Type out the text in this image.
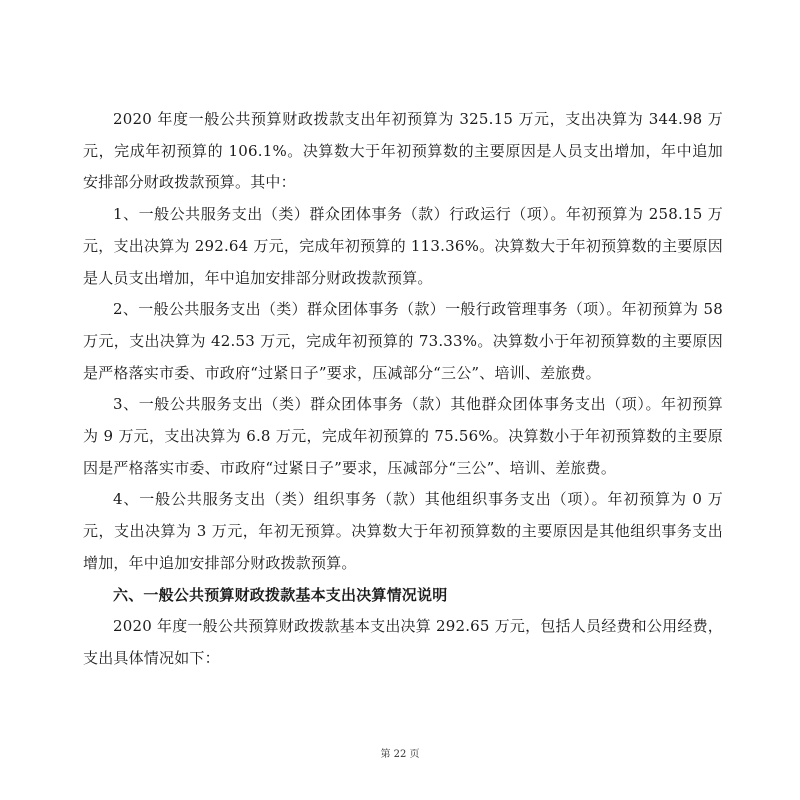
2020 年度一般公共预算财政拨款支出年初预算为 325.15 万元，支出决算为 344.98 万元，完成年初预算的 106.1%。决算数大于年初预算数的主要原因是人员支出增加，年中追加安排部分财政拨款预算。其中：

1、一般公共服务支出（类）群众团体事务（款）行政运行（项）。年初预算为 258.15 万元，支出决算为 292.64 万元，完成年初预算的 113.36%。决算数大于年初预算数的主要原因是人员支出增加，年中追加安排部分财政拨款预算。

2、一般公共服务支出（类）群众团体事务（款）一般行政管理事务（项）。年初预算为 58 万元，支出决算为 42.53 万元，完成年初预算的 73.33%。决算数小于年初预算数的主要原因是严格落实市委、市政府“过紧日子”要求，压减部分“三公”、培训、差旅费。

3、一般公共服务支出（类）群众团体事务（款）其他群众团体事务支出（项）。年初预算为 9 万元，支出决算为 6.8 万元，完成年初预算的 75.56%。决算数小于年初预算数的主要原因是严格落实市委、市政府“过紧日子”要求，压减部分“三公”、培训、差旅费。

4、一般公共服务支出（类）组织事务（款）其他组织事务支出（项）。年初预算为 0 万元，支出决算为 3 万元，年初无预算。决算数大于年初预算数的主要原因是其他组织事务支出增加，年中追加安排部分财政拨款预算。

六、一般公共预算财政拨款基本支出决算情况说明

2020 年度一般公共预算财政拨款基本支出决算 292.65 万元，包括人员经费和公用经费，支出具体情况如下：

第 22 页
